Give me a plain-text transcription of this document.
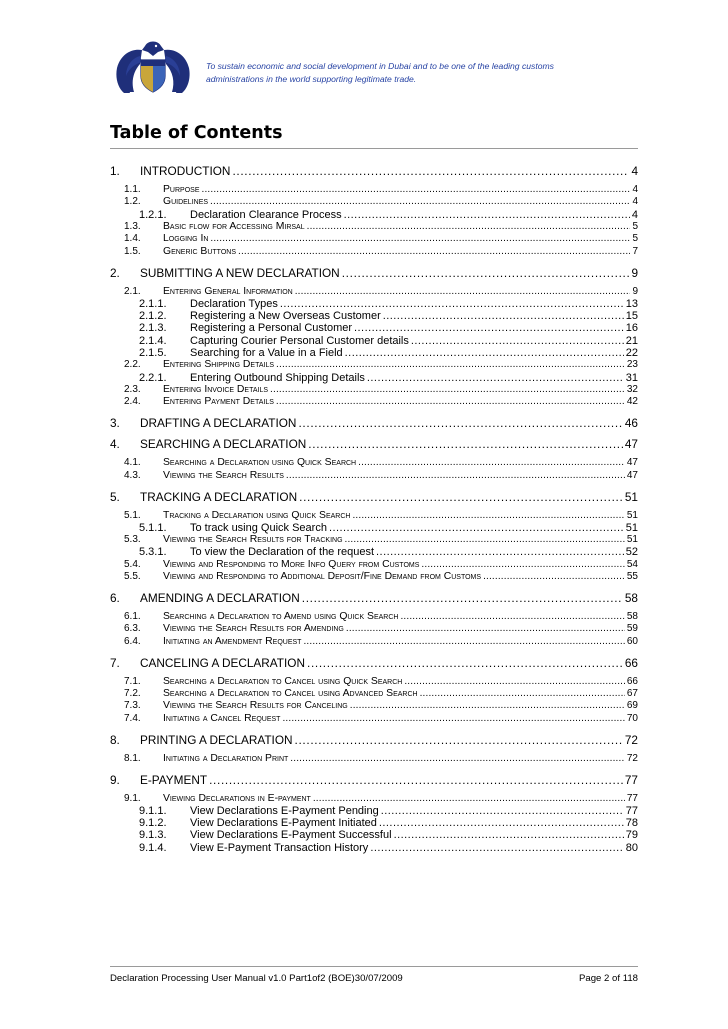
To sustain economic and social development in Dubai and to be one of the leading customs
administrations in the world supporting legitimate trade.
Table of Contents
1. INTRODUCTION . . .	4
1.1. Purpose . . .	4
1.2. Guidelines . . .	4
1.2.1. Declaration Clearance Process . . .	4
1.3. Basic flow for Accessing Mirsal . . .	5
1.4. Logging In . . .	5
1.5. Generic Buttons . . .	7
2. SUBMITTING A NEW DECLARATION . . .	9
2.1. Entering General Information . . .	9
2.1.1. Declaration Types . . .	13
2.1.2. Registering a New Overseas Customer . . .	15
2.1.3. Registering a Personal Customer . . .	16
2.1.4. Capturing Courier Personal Customer details . . .	21
2.1.5. Searching for a Value in a Field . . .	22
2.2. Entering Shipping Details . . .	23
2.2.1. Entering Outbound Shipping Details . . .	31
2.3. Entering Invoice Details . . .	32
2.4. Entering Payment Details . . .	42
3. DRAFTING A DECLARATION . . .	46
4. SEARCHING A DECLARATION . . .	47
4.1. Searching a Declaration using Quick Search . . .	47
4.3. Viewing the Search Results . . .	47
5. TRACKING A DECLARATION . . .	51
5.1. Tracking a Declaration using Quick Search . . .	51
5.1.1. To track using Quick Search . . .	51
5.3. Viewing the Search Results for Tracking . . .	51
5.3.1. To view the Declaration of the request . . .	52
5.4. Viewing and Responding to More Info Query from Customs . . .	54
5.5. Viewing and Responding to Additional Deposit/Fine Demand from Customs . . .	55
6. AMENDING A DECLARATION . . .	58
6.1. Searching a Declaration to Amend using Quick Search . . .	58
6.3. Viewing the Search Results for Amending . . .	59
6.4. Initiating an Amendment Request . . .	60
7. CANCELING A DECLARATION . . .	66
7.1. Searching a Declaration to Cancel using Quick Search . . .	66
7.2. Searching a Declaration to Cancel using Advanced Search . . .	67
7.3. Viewing the Search Results for Canceling . . .	69
7.4. Initiating a Cancel Request . . .	70
8. PRINTING A DECLARATION . . .	72
8.1. Initiating a Declaration Print . . .	72
9. E-PAYMENT . . .	77
9.1. Viewing Declarations in E-payment . . .	77
9.1.1. View Declarations E-Payment Pending . . .	77
9.1.2. View Declarations E-Payment Initiated . . .	78
9.1.3. View Declarations E-Payment Successful . . .	79
9.1.4. View E-Payment Transaction History . . .	80
Declaration Processing User Manual v1.0 Part1of2 (BOE)30/07/2009	Page 2 of 118
